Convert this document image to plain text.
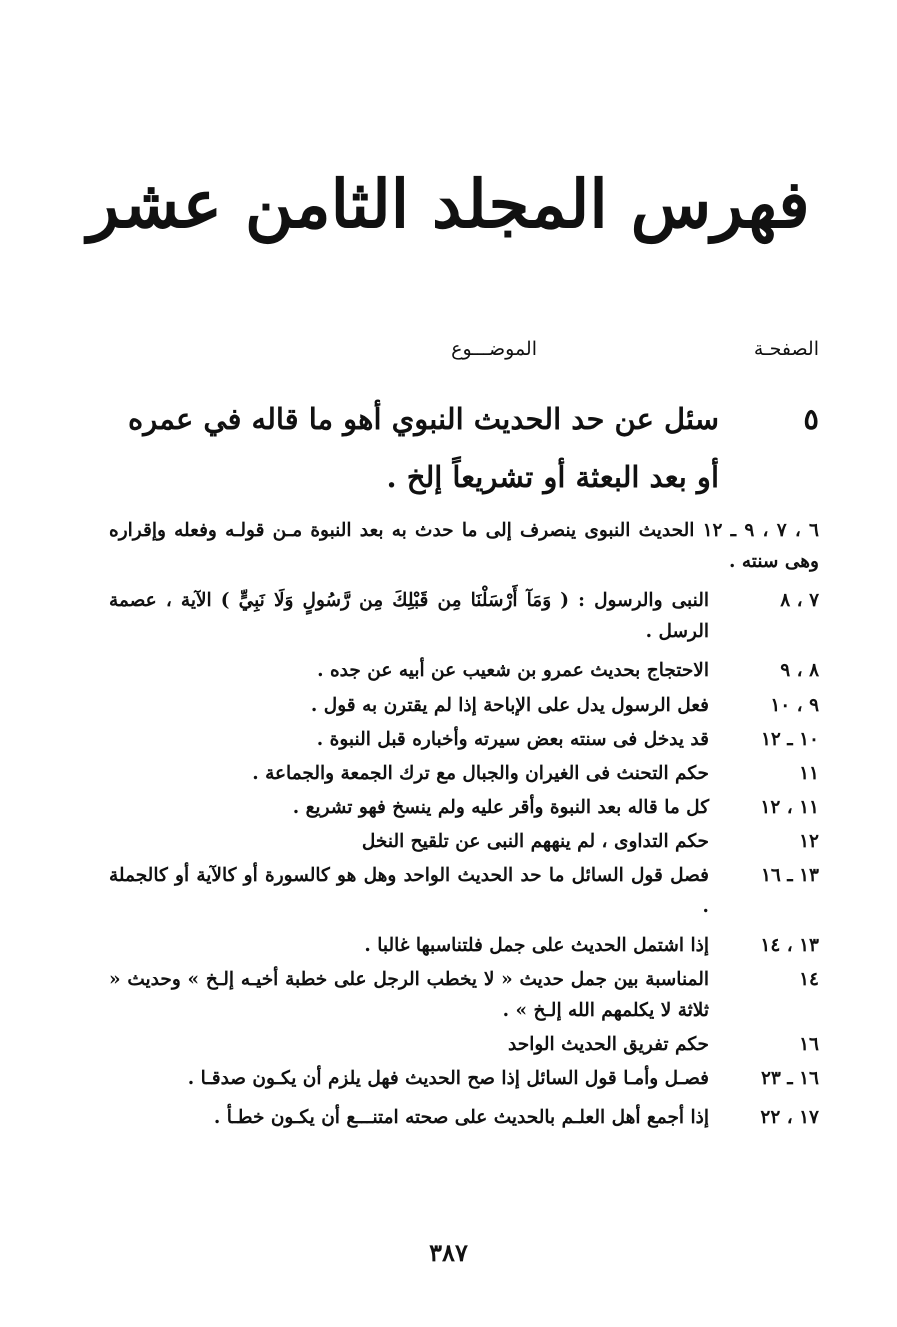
فهرس المجلد الثامن عشر
الصفحـة
الموضـــوع
٥
سئل عن حد الحديث النبوي أهو ما قاله في عمره أو بعد البعثة أو تشريعاً إلخ .
٦ ، ٧ ، ٩ ـ ١٢ الحديث النبوى ينصرف إلى ما حدث به بعد النبوة مـن قولـه وفعله وإقراره وهى سنته .
٧ ، ٨
النبى والرسول : ( وَمَآ أَرْسَلْنَا مِن قَبْلِكَ مِن رَّسُولٍ وَلَا نَبِيٍّ ) الآية ، عصمة الرسل .
٨ ، ٩
الاحتجاج بحديث عمرو بن شعيب عن أبيه عن جده .
٩ ، ١٠
فعل الرسول يدل على الإباحة إذا لم يقترن به قول .
١٠ ـ ١٢
قد يدخل فى سنته بعض سيرته وأخباره قبل النبوة .
١١
حكم التحنث فى الغيران والجبال مع ترك الجمعة والجماعة .
١١ ، ١٢
كل ما قاله بعد النبوة وأقر عليه ولم ينسخ فهو تشريع .
١٢
حكم التداوى ، لم ينههم النبى عن تلقيح النخل
١٣ ـ ١٦
فصل قول السائل ما حد الحديث الواحد وهل هو كالسورة أو كالآية أو كالجملة .
١٣ ، ١٤
إذا اشتمل الحديث على جمل فلتناسبها غالبا .
١٤
المناسبة بين جمل حديث « لا يخطب الرجل على خطبة أخيـه إلـخ » وحديث « ثلاثة لا يكلمهم الله إلـخ » .
١٦
حكم تفريق الحديث الواحد
١٦ ـ ٢٣
فصـل وأمـا قول السائل إذا صح الحديث فهل يلزم أن يكـون صدقـا .
١٧ ، ٢٢
إذا أجمع أهل العلـم بالحديث على صحته امتنـــع أن يكـون خطـأ .
٣٨٧
